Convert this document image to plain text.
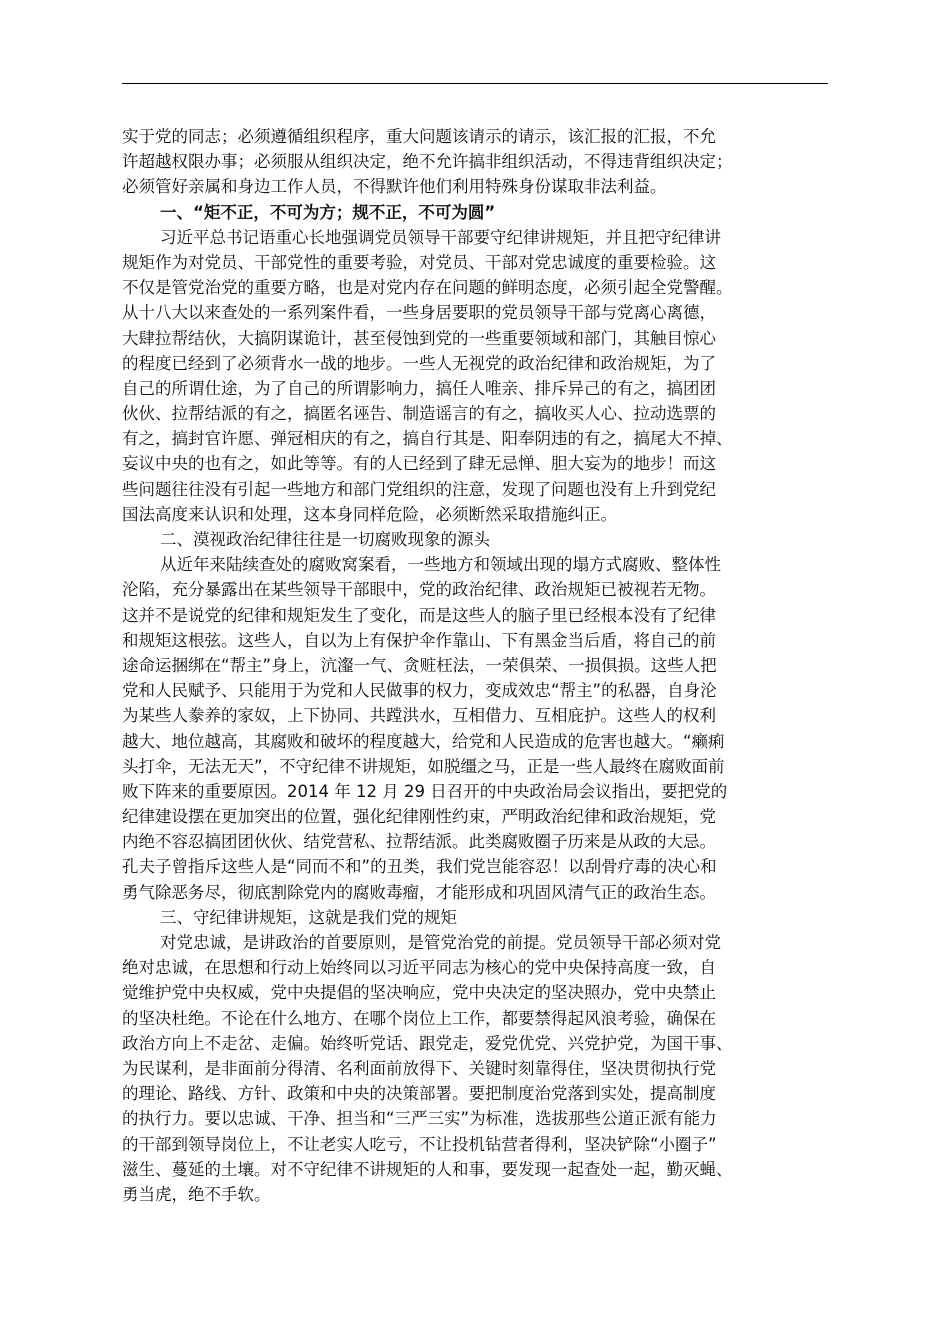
实于党的同志；必须遵循组织程序，重大问题该请示的请示，该汇报的汇报，不允
许超越权限办事；必须服从组织决定，绝不允许搞非组织活动，不得违背组织决定；
必须管好亲属和身边工作人员，不得默许他们利用特殊身份谋取非法利益。
一、“矩不正，不可为方；规不正，不可为圆”
习近平总书记语重心长地强调党员领导干部要守纪律讲规矩，并且把守纪律讲
规矩作为对党员、干部党性的重要考验，对党员、干部对党忠诚度的重要检验。这
不仅是管党治党的重要方略，也是对党内存在问题的鲜明态度，必须引起全党警醒。
从十八大以来查处的一系列案件看，一些身居要职的党员领导干部与党离心离德，
大肆拉帮结伙，大搞阴谋诡计，甚至侵蚀到党的一些重要领域和部门，其触目惊心
的程度已经到了必须背水一战的地步。一些人无视党的政治纪律和政治规矩，为了
自己的所谓仕途，为了自己的所谓影响力，搞任人唯亲、排斥异己的有之，搞团团
伙伙、拉帮结派的有之，搞匿名诬告、制造谣言的有之，搞收买人心、拉动选票的
有之，搞封官许愿、弹冠相庆的有之，搞自行其是、阳奉阴违的有之，搞尾大不掉、
妄议中央的也有之，如此等等。有的人已经到了肆无忌惮、胆大妄为的地步！而这
些问题往往没有引起一些地方和部门党组织的注意，发现了问题也没有上升到党纪
国法高度来认识和处理，这本身同样危险，必须断然采取措施纠正。
二、漠视政治纪律往往是一切腐败现象的源头
从近年来陆续查处的腐败窝案看，一些地方和领域出现的塌方式腐败、整体性
沦陷，充分暴露出在某些领导干部眼中，党的政治纪律、政治规矩已被视若无物。
这并不是说党的纪律和规矩发生了变化，而是这些人的脑子里已经根本没有了纪律
和规矩这根弦。这些人，自以为上有保护伞作靠山、下有黑金当后盾，将自己的前
途命运捆绑在“帮主”身上，沆瀣一气、贪赃枉法，一荣俱荣、一损俱损。这些人把
党和人民赋予、只能用于为党和人民做事的权力，变成效忠“帮主”的私器，自身沦
为某些人豢养的家奴，上下协同、共蹚洪水，互相借力、互相庇护。这些人的权利
越大、地位越高，其腐败和破坏的程度越大，给党和人民造成的危害也越大。“癞痢
头打伞，无法无天”，不守纪律不讲规矩，如脱缰之马，正是一些人最终在腐败面前
败下阵来的重要原因。2014 年 12 月 29 日召开的中央政治局会议指出，要把党的
纪律建设摆在更加突出的位置，强化纪律刚性约束，严明政治纪律和政治规矩，党
内绝不容忍搞团团伙伙、结党营私、拉帮结派。此类腐败圈子历来是从政的大忌。
孔夫子曾指斥这些人是“同而不和”的丑类，我们党岂能容忍！以刮骨疗毒的决心和
勇气除恶务尽，彻底割除党内的腐败毒瘤，才能形成和巩固风清气正的政治生态。
三、守纪律讲规矩，这就是我们党的规矩
对党忠诚，是讲政治的首要原则，是管党治党的前提。党员领导干部必须对党
绝对忠诚，在思想和行动上始终同以习近平同志为核心的党中央保持高度一致，自
觉维护党中央权威，党中央提倡的坚决响应，党中央决定的坚决照办，党中央禁止
的坚决杜绝。不论在什么地方、在哪个岗位上工作，都要禁得起风浪考验，确保在
政治方向上不走岔、走偏。始终听党话、跟党走，爱党优党、兴党护党，为国干事、
为民谋利，是非面前分得清、名利面前放得下、关键时刻靠得住，坚决贯彻执行党
的理论、路线、方针、政策和中央的决策部署。要把制度治党落到实处，提高制度
的执行力。要以忠诚、干净、担当和“三严三实”为标准，选拔那些公道正派有能力
的干部到领导岗位上，不让老实人吃亏，不让投机钻营者得利，坚决铲除“小圈子”
滋生、蔓延的土壤。对不守纪律不讲规矩的人和事，要发现一起查处一起，勤灭蝇、
勇当虎，绝不手软。
